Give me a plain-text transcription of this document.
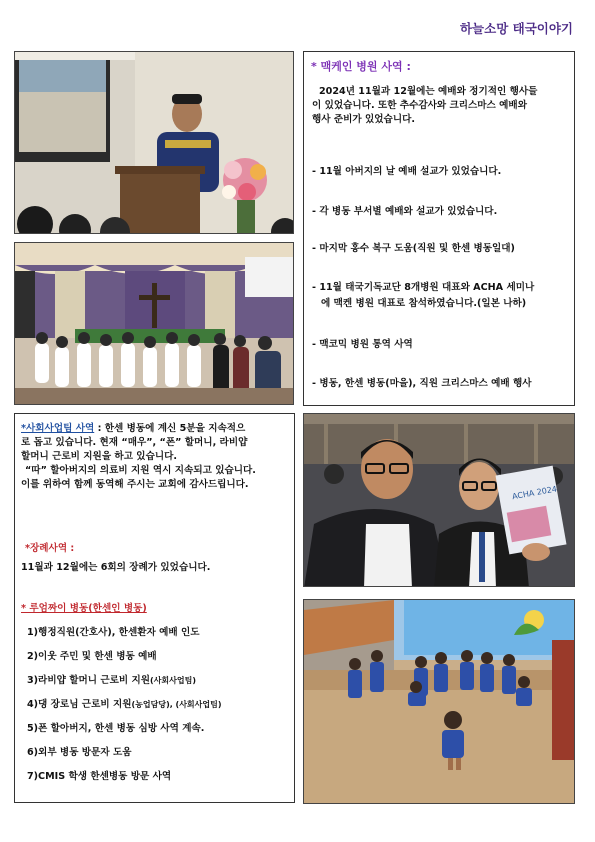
하늘소망 태국이야기
* 맥케인 병원 사역 :

2024년 11월과 12월에는 예배와 정기적인 행사들

이 있었습니다. 또한 추수감사와 크리스마스 예배와

행사 준비가 있었습니다.

- 11월 아버지의 날 예배 설교가 있었습니다.

- 각 병동 부서별 예배와 설교가 있었습니다.

- 마지막 홍수 복구 도움(직원 및 한센 병동일대)

- 11월 태국기독교단 8개병원 대표와 ACHA 세미나

에 맥켄 병원 대표로 참석하였습니다.(일본 나하)

- 맥코믹 병원 통역 사역

- 병동, 한센 병동(마을), 직원 크리스마스 예배 행사

*사회사업팀 사역 : 한센 병동에 계신 5분을 지속적으

로 돕고 있습니다. 현재 “매우”, “폰” 할머니, 라비얍

할머니 근로비 지원을 하고 있습니다.

“따” 할아버지의 의료비 지원 역시 지속되고 있습니다.

이를 위하여 함께 동역해 주시는 교회에 감사드립니다.

*장례사역 :

11월과 12월에는 6회의 장례가 있었습니다.

* 루엄짜이 병동(한센인 병동)

1)행정직원(간호사), 한센환자 예배 인도

2)이웃 주민 및 한센 병동 예배

3)라비얍 할머니 근로비 지원(사회사업팀)

4)댕 장로님 근로비 지원(농업담당), (사회사업팀)

5)폰 할아버지, 한센 병동 심방 사역 계속.

6)외부 병동 방문자 도움

7)CMIS 학생 한센병동 방문 사역

ACHA 2024
